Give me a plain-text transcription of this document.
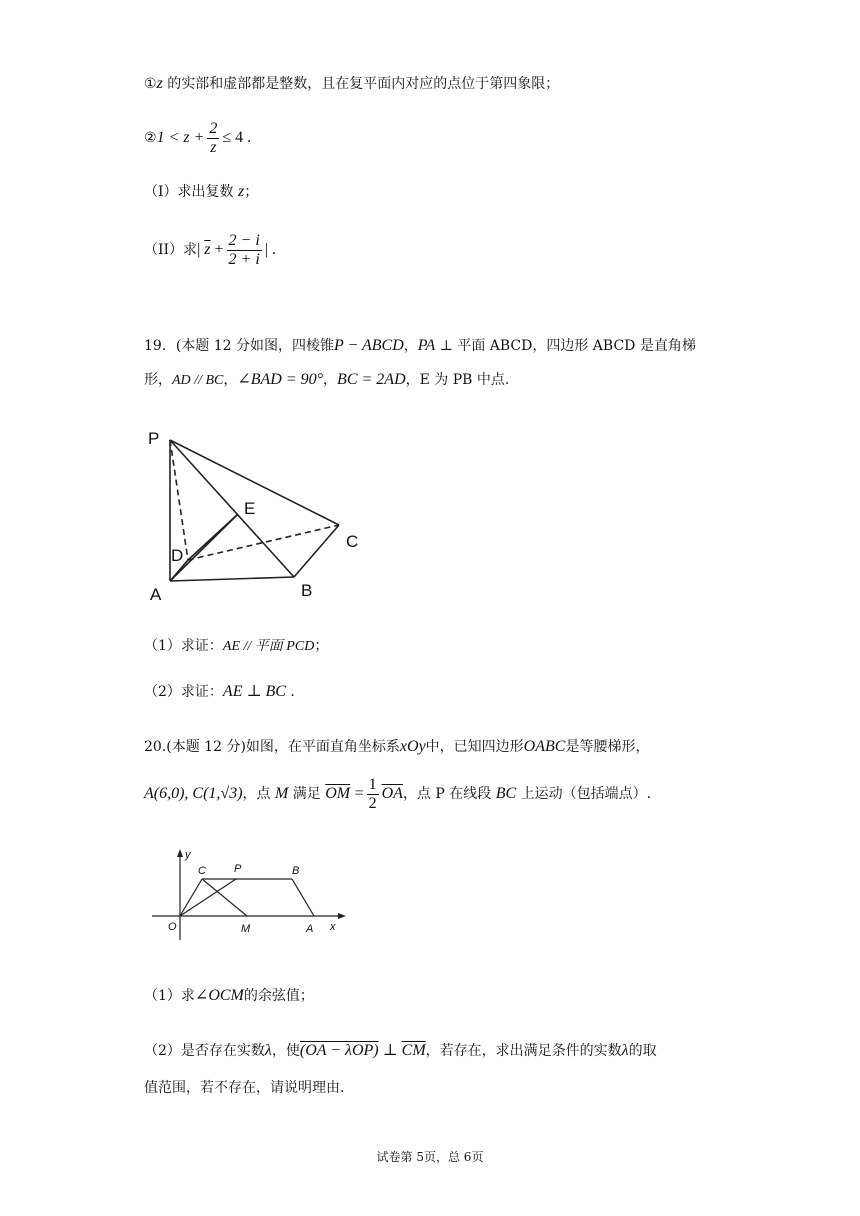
①z 的实部和虚部都是整数，且在复平面内对应的点位于第四象限；
②1 < $z + \frac{2}{z} \le 4$ .
（I）求出复数 z；
（II）求| $\overline{z} + \frac{2 - i}{2 + i}$ | .
19．(本题 12 分如图，四棱锥P − ABCD，PA ⊥ 平面 ABCD，四边形 ABCD 是直角梯
形，AD // BC，∠BAD = 90°，BC = 2AD，E 为 PB 中点.
P
E
C
D
A	B
（1）求证：AE // 平面 PCD；
（2）求证：AE ⊥ BC .
20.(本题 12 分)如图，在平面直角坐标系xOy中，已知四边形OABC是等腰梯形，
A(6,0), C(1,√3)，点 M 满足 $\overline{OM} = \frac{1}{2} \overline{OA}$，点 P 在线段 BC 上运动（包括端点）.
y
x
O
C	P	B
M	A
（1）求∠OCM的余弦值；
（2）是否存在实数λ，使(OA − λOP) ⊥ $\overline{CM}$，若存在，求出满足条件的实数λ的取
值范围，若不存在，请说明理由.
试卷第 5页，总 6页
